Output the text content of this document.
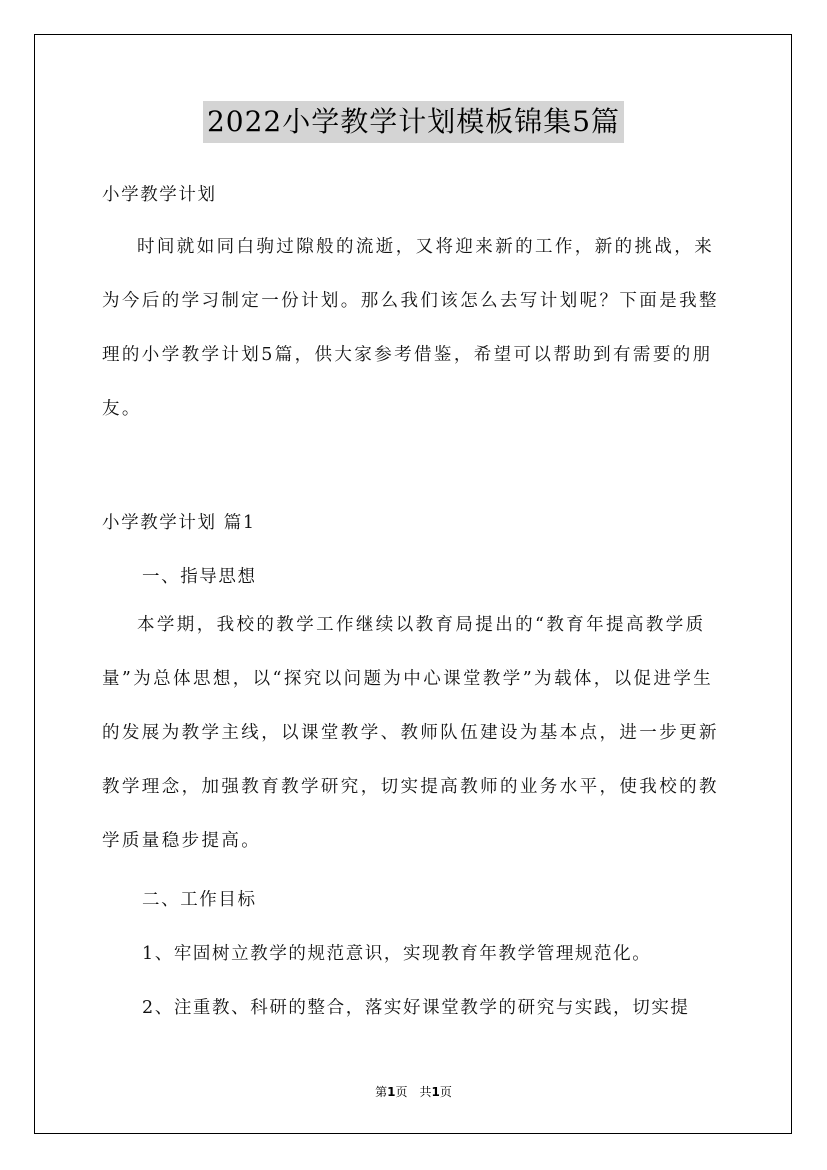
2022小学教学计划模板锦集5篇
小学教学计划
时间就如同白驹过隙般的流逝，又将迎来新的工作，新的挑战，来为今后的学习制定一份计划。那么我们该怎么去写计划呢？下面是我整理的小学教学计划5篇，供大家参考借鉴，希望可以帮助到有需要的朋友。
小学教学计划 篇1
一、指导思想
本学期，我校的教学工作继续以教育局提出的“教育年提高教学质量”为总体思想，以“探究以问题为中心课堂教学”为载体，以促进学生的发展为教学主线，以课堂教学、教师队伍建设为基本点，进一步更新教学理念，加强教育教学研究，切实提高教师的业务水平，使我校的教学质量稳步提高。
二、工作目标
1、牢固树立教学的规范意识，实现教育年教学管理规范化。
2、注重教、科研的整合，落实好课堂教学的研究与实践，切实提
第1页　共1页
